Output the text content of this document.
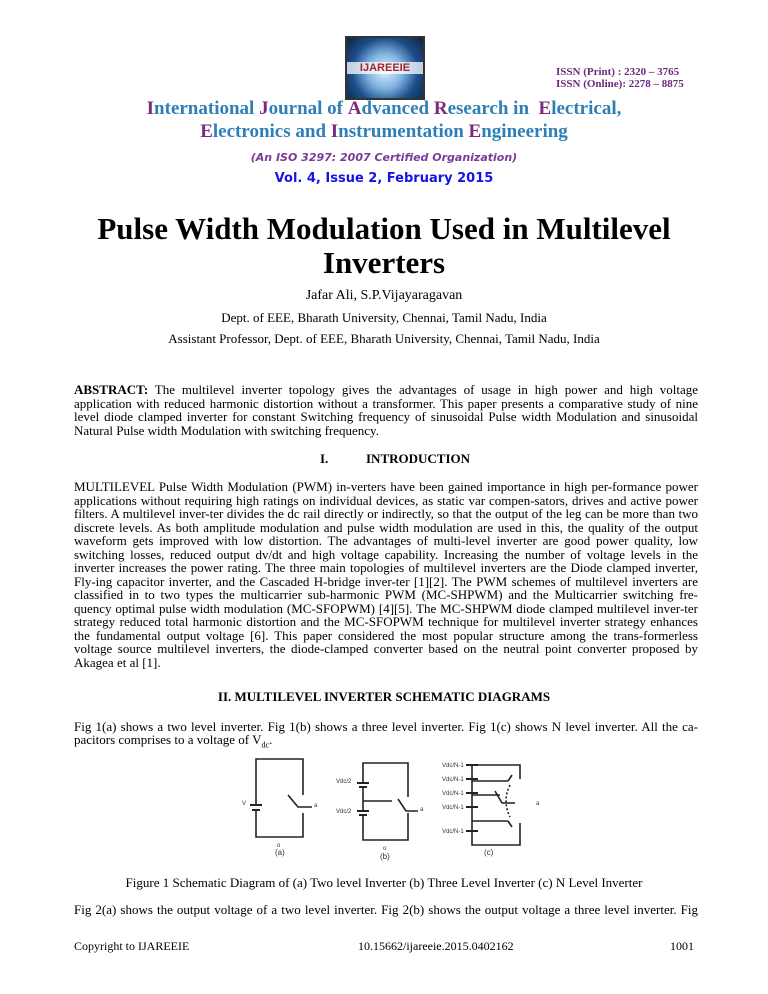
IJAREEIE	ISSN (Print) : 2320 – 3765
ISSN (Online): 2278 – 8875
International Journal of Advanced Research in  Electrical,
Electronics and Instrumentation Engineering
(An ISO 3297: 2007 Certified Organization)
Vol. 4, Issue 2, February 2015
Pulse Width Modulation Used in Multilevel
Inverters
Jafar Ali, S.P.Vijayaragavan
Dept. of EEE, Bharath University, Chennai, Tamil Nadu, India
Assistant Professor, Dept. of EEE, Bharath University, Chennai, Tamil Nadu, India
ABSTRACT: The multilevel inverter topology gives the advantages of usage in high power and high voltage
application with reduced harmonic distortion without a transformer. This paper presents a comparative study of nine
level diode clamped inverter for constant Switching frequency of sinusoidal Pulse width Modulation and sinusoidal
Natural Pulse width Modulation with switching frequency.
I.	INTRODUCTION
MULTILEVEL Pulse Width Modulation (PWM) in-verters have been gained importance in high per-formance power
applications without requiring high ratings on individual devices, as static var compen-sators, drives and active power
filters. A multilevel inver-ter divides the dc rail directly or indirectly, so that the output of the leg can be more than two
discrete levels. As both amplitude modulation and pulse width modulation are used in this, the quality of the output
waveform gets improved with low distortion. The advantages of multi-level inverter are good power quality, low
switching losses, reduced output dv/dt and high voltage capability. Increasing the number of voltage levels in the
inverter increases the power rating. The three main topologies of multilevel inverters are the Diode clamped inverter,
Fly-ing capacitor inverter, and the Cascaded H-bridge inver-ter [1][2]. The PWM schemes of multilevel inverters are
classified in to two types the multicarrier sub-harmonic PWM (MC-SHPWM) and the Multicarrier switching fre-
quency optimal pulse width modulation (MC-SFOPWM) [4][5]. The MC-SHPWM diode clamped multilevel inver-ter
strategy reduced total harmonic distortion and the MC-SFOPWM technique for multilevel inverter strategy enhances
the fundamental output voltage [6]. This paper considered the most popular structure among the trans-formerless
voltage source multilevel inverters, the diode-clamped converter based on the neutral point converter proposed by
Akagea et al [1].
II. MULTILEVEL INVERTER SCHEMATIC DIAGRAMS
Fig 1(a) shows a two level inverter. Fig 1(b) shows a three level inverter. Fig 1(c) shows N level inverter. All the ca-
pacitors comprises to a voltage of $V_{dc}$.
V
Vdc/2
Vdc/2
Vdc/N-1
Vdc/N-1
Vdc/N-1
Vdc/N-1
Vdc/N-1
a
a
a
o	o
(a)	(b)	(c)
Figure 1 Schematic Diagram of (a) Two level Inverter (b) Three Level Inverter (c) N Level Inverter
Fig 2(a) shows the output voltage of a two level inverter. Fig 2(b) shows the output voltage a three level inverter. Fig
Copyright to IJAREEIE	10.15662/ijareeie.2015.0402162	1001
